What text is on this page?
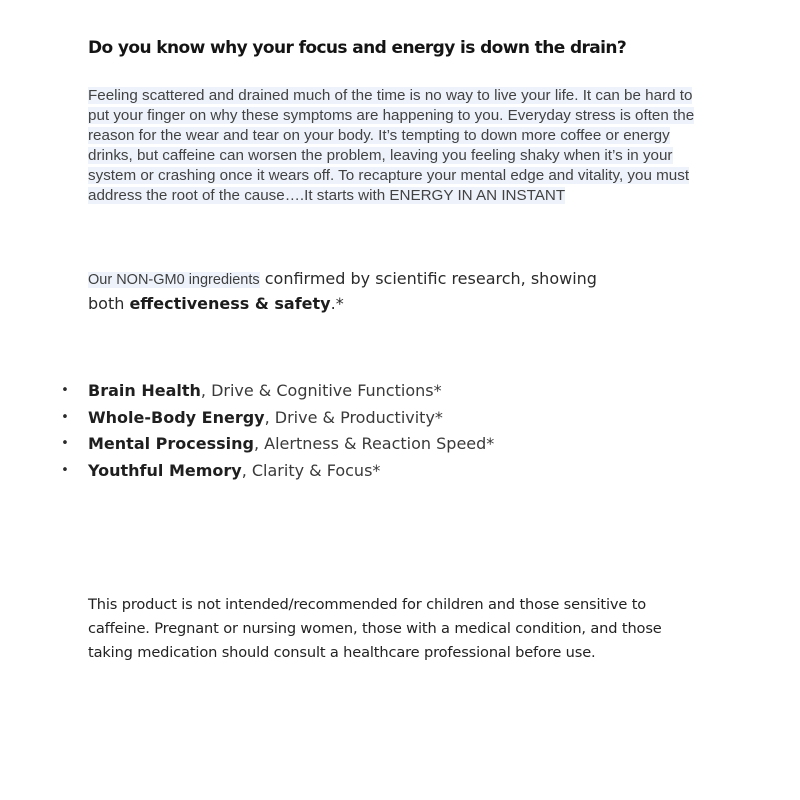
Do you know why your focus and energy is down the drain?

Feeling scattered and drained much of the time is no way to live your life. It can be hard to
put your finger on why these symptoms are happening to you. Everyday stress is often the
reason for the wear and tear on your body. It’s tempting to down more coffee or energy
drinks, but caffeine can worsen the problem, leaving you feeling shaky when it’s in your
system or crashing once it wears off. To recapture your mental edge and vitality, you must
address the root of the cause….It starts with ENERGY IN AN INSTANT

Our NON-GM0 ingredients confirmed by scientific research, showing
both effectiveness & safety.*

• Brain Health, Drive & Cognitive Functions*
• Whole-Body Energy, Drive & Productivity*
• Mental Processing, Alertness & Reaction Speed*
• Youthful Memory, Clarity & Focus*

This product is not intended/recommended for children and those sensitive to
caffeine. Pregnant or nursing women, those with a medical condition, and those
taking medication should consult a healthcare professional before use.
